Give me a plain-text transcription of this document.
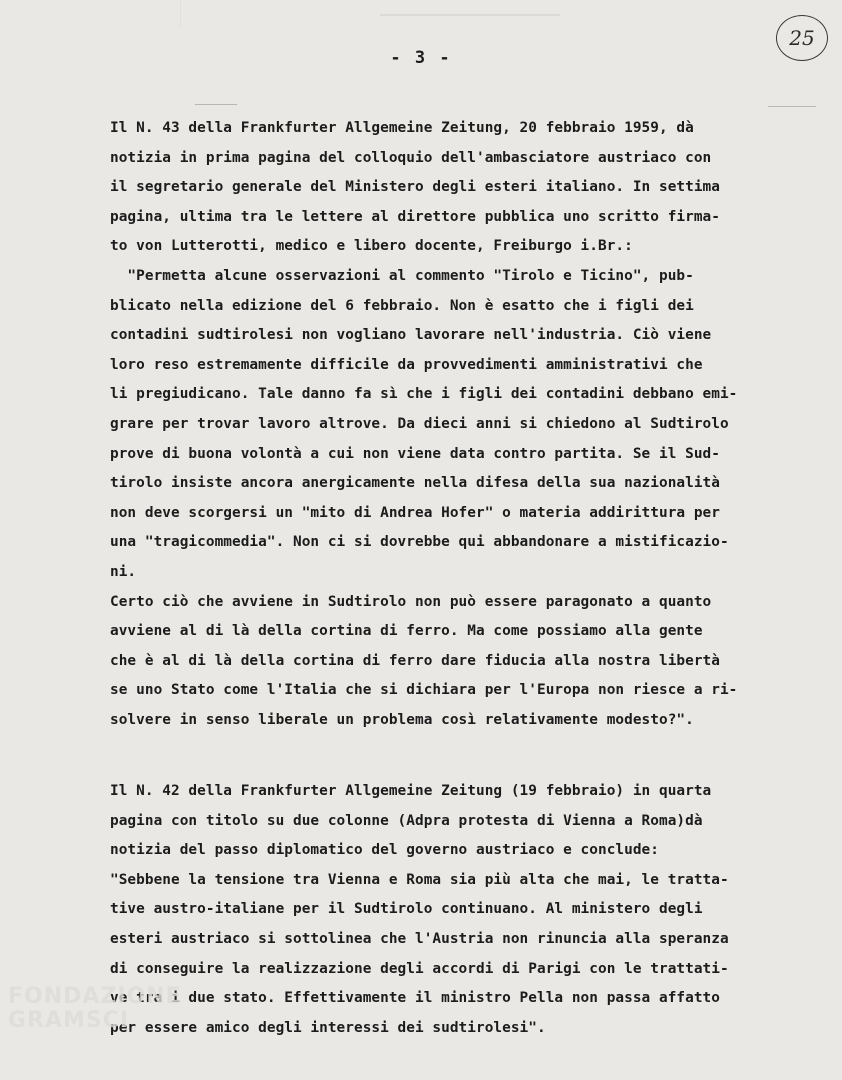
- 3 -
25
Il N. 43 della Frankfurter Allgemeine Zeitung, 20 febbraio 1959, dà
notizia in prima pagina del colloquio dell'ambasciatore austriaco con
il segretario generale del Ministero degli esteri italiano. In settima
pagina, ultima tra le lettere al direttore pubblica uno scritto firma-
to von Lutterotti, medico e libero docente, Freiburgo i.Br.:
"Permetta alcune osservazioni al commento "Tirolo e Ticino", pub-
blicato nella edizione del 6 febbraio. Non è esatto che i figli dei
contadini sudtirolesi non vogliano lavorare nell'industria. Ciò viene
loro reso estremamente difficile da provvedimenti amministrativi che
li pregiudicano. Tale danno fa sì che i figli dei contadini debbano emi-
grare per trovar lavoro altrove. Da dieci anni si chiedono al Sudtirolo
prove di buona volontà a cui non viene data contro partita. Se il Sud-
tirolo insiste ancora anergicamente nella difesa della sua nazionalità
non deve scorgersi un "mito di Andrea Hofer" o materia addirittura per
una "tragicommedia". Non ci si dovrebbe qui abbandonare a mistificazio-
ni.
Certo ciò che avviene in Sudtirolo non può essere paragonato a quanto
avviene al di là della cortina di ferro. Ma come possiamo alla gente
che è al di là della cortina di ferro dare fiducia alla nostra libertà
se uno Stato come l'Italia che si dichiara per l'Europa non riesce a ri-
solvere in senso liberale un problema così relativamente modesto?".
Il N. 42 della Frankfurter Allgemeine Zeitung (19 febbraio) in quarta
pagina con titolo su due colonne (Adpra protesta di Vienna a Roma)dà
notizia del passo diplomatico del governo austriaco e conclude:
"Sebbene la tensione tra Vienna e Roma sia più alta che mai, le tratta-
tive austro-italiane per il Sudtirolo continuano. Al ministero degli
esteri austriaco si sottolinea che l'Austria non rinuncia alla speranza
di conseguire la realizzazione degli accordi di Parigi con le trattati-
ve tra i due stato. Effettivamente il ministro Pella non passa affatto
per essere amico degli interessi dei sudtirolesi".
FONDAZIONE GRAMSCI
